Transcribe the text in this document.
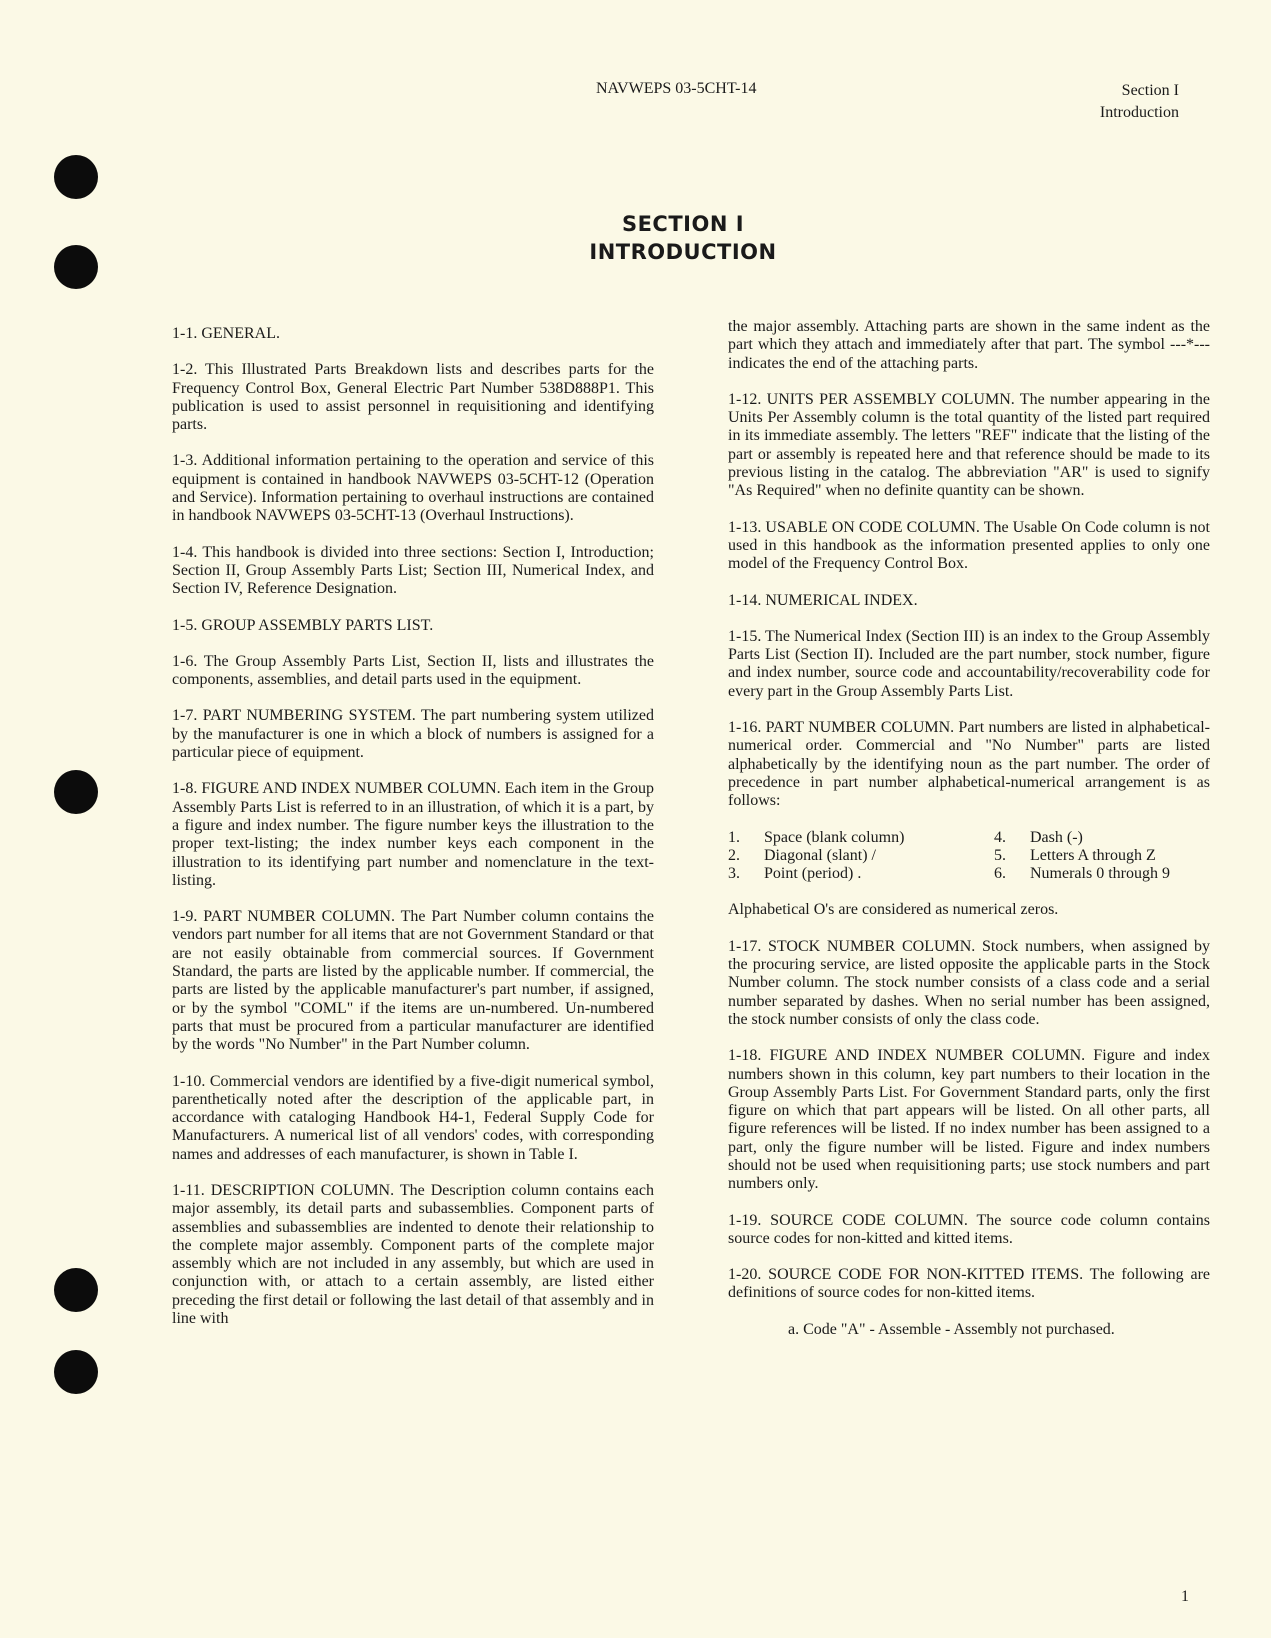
NAVWEPS 03-5CHT-14	Section I
Introduction
SECTION I
INTRODUCTION

1-1. GENERAL.

1-2. This Illustrated Parts Breakdown lists and describes parts for the Frequency Control Box, General Electric Part Number 538D888P1. This publication is used to assist personnel in requisitioning and identifying parts.

1-3. Additional information pertaining to the operation and service of this equipment is contained in handbook NAVWEPS 03-5CHT-12 (Operation and Service). Information pertaining to overhaul instructions are contained in handbook NAVWEPS 03-5CHT-13 (Overhaul Instructions).

1-4. This handbook is divided into three sections: Section I, Introduction; Section II, Group Assembly Parts List; Section III, Numerical Index, and Section IV, Reference Designation.

1-5. GROUP ASSEMBLY PARTS LIST.

1-6. The Group Assembly Parts List, Section II, lists and illustrates the components, assemblies, and detail parts used in the equipment.

1-7. PART NUMBERING SYSTEM. The part numbering system utilized by the manufacturer is one in which a block of numbers is assigned for a particular piece of equipment.

1-8. FIGURE AND INDEX NUMBER COLUMN. Each item in the Group Assembly Parts List is referred to in an illustration, of which it is a part, by a figure and index number. The figure number keys the illustration to the proper text-listing; the index number keys each component in the illustration to its identifying part number and nomenclature in the text-listing.

1-9. PART NUMBER COLUMN. The Part Number column contains the vendors part number for all items that are not Government Standard or that are not easily obtainable from commercial sources. If Government Standard, the parts are listed by the applicable number. If commercial, the parts are listed by the applicable manufacturer's part number, if assigned, or by the symbol "COML" if the items are un-numbered. Un-numbered parts that must be procured from a particular manufacturer are identified by the words "No Number" in the Part Number column.

1-10. Commercial vendors are identified by a five-digit numerical symbol, parenthetically noted after the description of the applicable part, in accordance with cataloging Handbook H4-1, Federal Supply Code for Manufacturers. A numerical list of all vendors' codes, with corresponding names and addresses of each manufacturer, is shown in Table I.

1-11. DESCRIPTION COLUMN. The Description column contains each major assembly, its detail parts and subassemblies. Component parts of assemblies and subassemblies are indented to denote their relationship to the complete major assembly. Component parts of the complete major assembly which are not included in any assembly, but which are used in conjunction with, or attach to a certain assembly, are listed either preceding the first detail or following the last detail of that assembly and in line with

the major assembly. Attaching parts are shown in the same indent as the part which they attach and immediately after that part. The symbol ---*--- indicates the end of the attaching parts.

1-12. UNITS PER ASSEMBLY COLUMN. The number appearing in the Units Per Assembly column is the total quantity of the listed part required in its immediate assembly. The letters "REF" indicate that the listing of the part or assembly is repeated here and that reference should be made to its previous listing in the catalog. The abbreviation "AR" is used to signify "As Required" when no definite quantity can be shown.

1-13. USABLE ON CODE COLUMN. The Usable On Code column is not used in this handbook as the information presented applies to only one model of the Frequency Control Box.

1-14. NUMERICAL INDEX.

1-15. The Numerical Index (Section III) is an index to the Group Assembly Parts List (Section II). Included are the part number, stock number, figure and index number, source code and accountability/recoverability code for every part in the Group Assembly Parts List.

1-16. PART NUMBER COLUMN. Part numbers are listed in alphabetical-numerical order. Commercial and "No Number" parts are listed alphabetically by the identifying noun as the part number. The order of precedence in part number alphabetical-numerical arrangement is as follows:

1.	Space (blank column)	4.	Dash (-)
2.	Diagonal (slant) /	5.	Letters A through Z
3.	Point (period) .	6.	Numerals 0 through 9

Alphabetical O's are considered as numerical zeros.

1-17. STOCK NUMBER COLUMN. Stock numbers, when assigned by the procuring service, are listed opposite the applicable parts in the Stock Number column. The stock number consists of a class code and a serial number separated by dashes. When no serial number has been assigned, the stock number consists of only the class code.

1-18. FIGURE AND INDEX NUMBER COLUMN. Figure and index numbers shown in this column, key part numbers to their location in the Group Assembly Parts List. For Government Standard parts, only the first figure on which that part appears will be listed. On all other parts, all figure references will be listed. If no index number has been assigned to a part, only the figure number will be listed. Figure and index numbers should not be used when requisitioning parts; use stock numbers and part numbers only.

1-19. SOURCE CODE COLUMN. The source code column contains source codes for non-kitted and kitted items.

1-20. SOURCE CODE FOR NON-KITTED ITEMS. The following are definitions of source codes for non-kitted items.

a. Code "A" - Assemble - Assembly not purchased.

1
